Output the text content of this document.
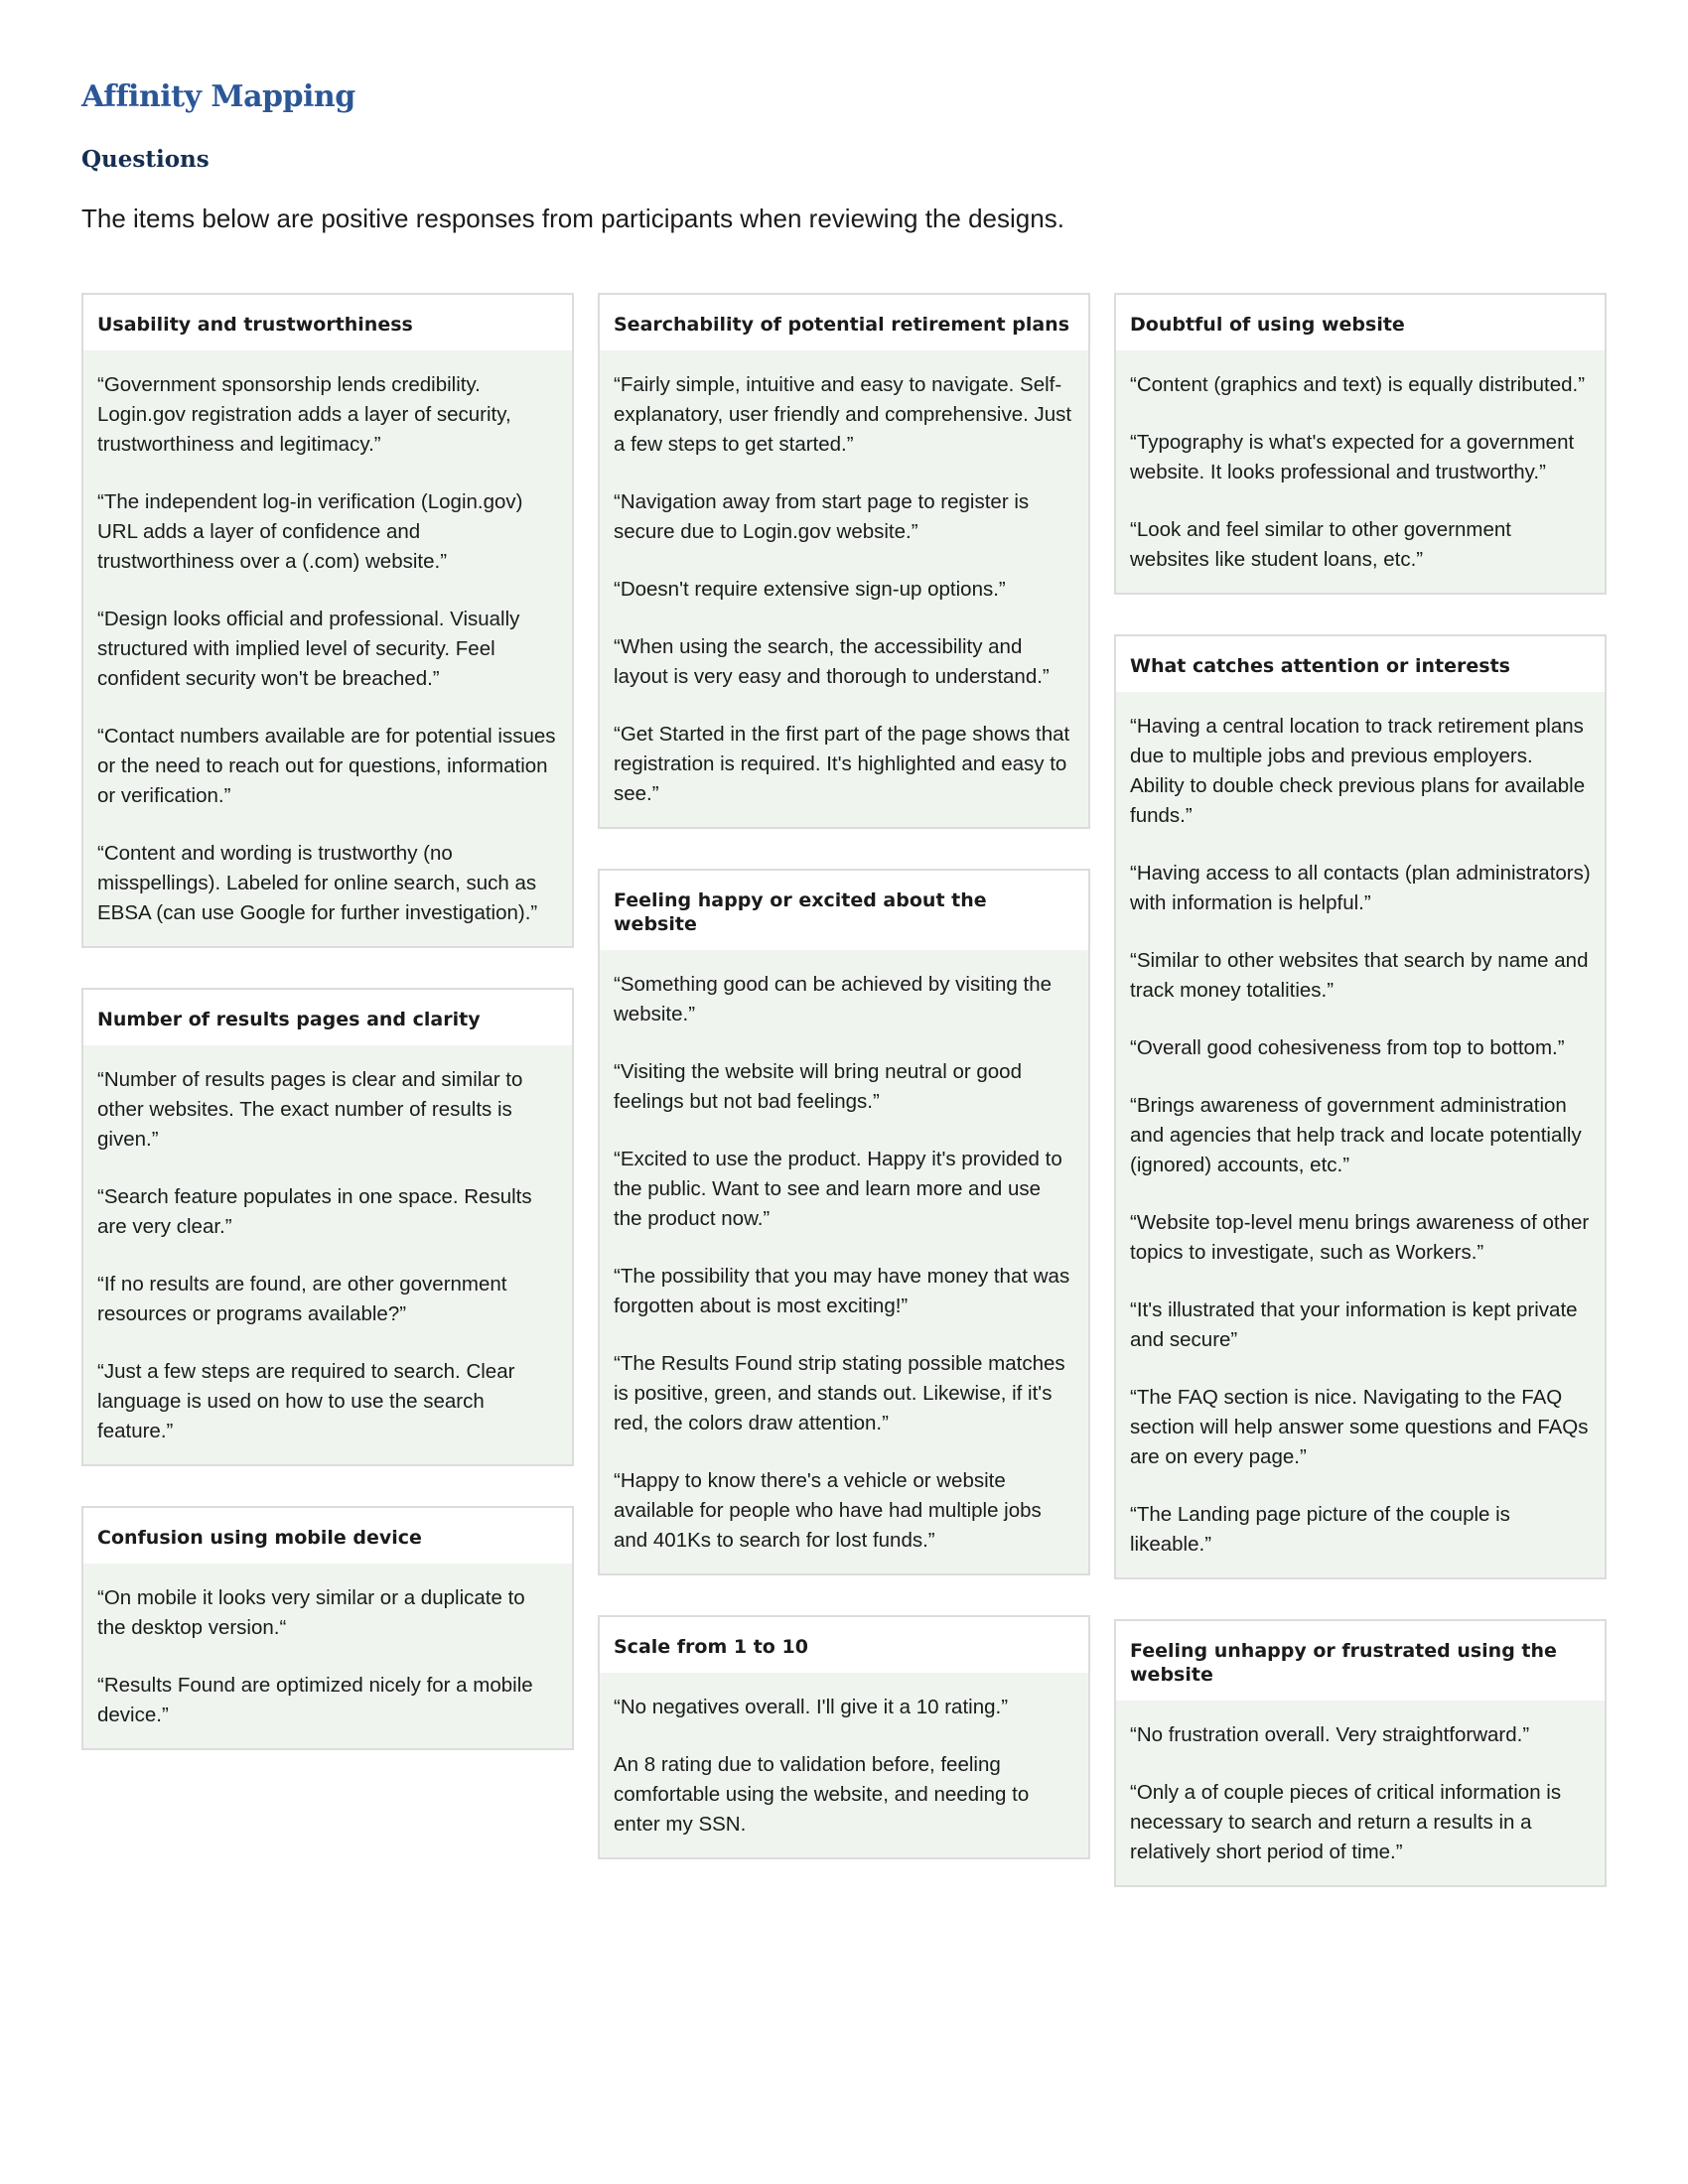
Affinity Mapping
Questions

The items below are positive responses from participants when reviewing the designs.

Usability and trustworthiness

“Government sponsorship lends credibility. Login.gov registration adds a layer of security, trustworthiness and legitimacy.”

“The independent log-in verification (Login.gov) URL adds a layer of confidence and trustworthiness over a (.com) website.”

“Design looks official and professional. Visually structured with implied level of security. Feel confident security won't be breached.”

“Contact numbers available are for potential issues or the need to reach out for questions, information or verification.”

“Content and wording is trustworthy (no misspellings). Labeled for online search, such as EBSA (can use Google for further investigation).”

Number of results pages and clarity

“Number of results pages is clear and similar to other websites. The exact number of results is given.”

“Search feature populates in one space. Results are very clear.”

“If no results are found, are other government resources or programs available?”

“Just a few steps are required to search. Clear language is used on how to use the search feature.”

Confusion using mobile device

“On mobile it looks very similar or a duplicate to the desktop version.“

“Results Found are optimized nicely for a mobile device.”

Searchability of potential retirement plans

“Fairly simple, intuitive and easy to navigate. Self-explanatory, user friendly and comprehensive. Just a few steps to get started.”

“Navigation away from start page to register is secure due to Login.gov website.”

“Doesn't require extensive sign-up options.”

“When using the search, the accessibility and layout is very easy and thorough to understand.”

“Get Started in the first part of the page shows that registration is required. It's highlighted and easy to see.”

Feeling happy or excited about the website

“Something good can be achieved by visiting the website.”

“Visiting the website will bring neutral or good feelings but not bad feelings.”

“Excited to use the product. Happy it's provided to the public. Want to see and learn more and use the product now.”

“The possibility that you may have money that was forgotten about is most exciting!”

“The Results Found strip stating possible matches is positive, green, and stands out. Likewise, if it's red, the colors draw attention.”

“Happy to know there's a vehicle or website available for people who have had multiple jobs and 401Ks to search for lost funds.”

Scale from 1 to 10

“No negatives overall. I'll give it a 10 rating.”

An 8 rating due to validation before, feeling comfortable using the website, and needing to enter my SSN.

Doubtful of using website

“Content (graphics and text) is equally distributed.”

“Typography is what's expected for a government website. It looks professional and trustworthy.”

“Look and feel similar to other government websites like student loans, etc.”

What catches attention or interests

“Having a central location to track retirement plans due to multiple jobs and previous employers. Ability to double check previous plans for available funds.”

“Having access to all contacts (plan administrators) with information is helpful.”

“Similar to other websites that search by name and track money totalities.”

“Overall good cohesiveness from top to bottom.”

“Brings awareness of government administration and agencies that help track and locate potentially (ignored) accounts, etc.”

“Website top-level menu brings awareness of other topics to investigate, such as Workers.”

“It's illustrated that your information is kept private and secure”

“The FAQ section is nice. Navigating to the FAQ section will help answer some questions and FAQs are on every page.”

“The Landing page picture of the couple is likeable.”

Feeling unhappy or frustrated using the website

“No frustration overall. Very straightforward.”

“Only a of couple pieces of critical information is necessary to search and return a results in a relatively short period of time.”
